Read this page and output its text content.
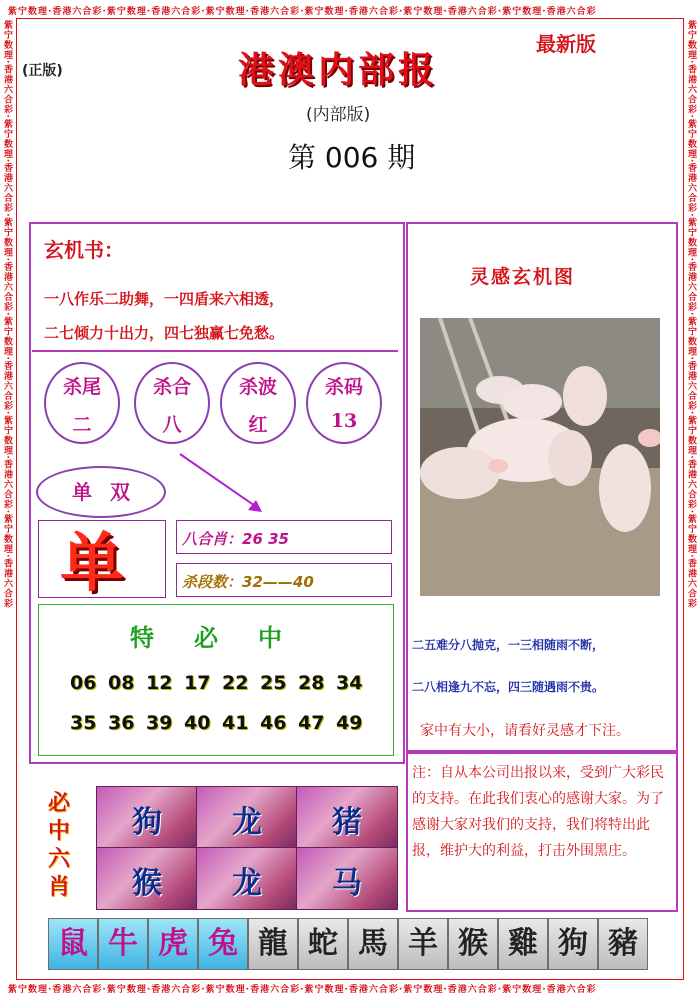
紫宁数理·香港六合彩·紫宁数理·香港六合彩·紫宁数理·香港六合彩·紫宁数理·香港六合彩·紫宁数理·香港六合彩·紫宁数理·香港六合彩
紫宁数理·香港六合彩·紫宁数理·香港六合彩·紫宁数理·香港六合彩·紫宁数理·香港六合彩·紫宁数理·香港六合彩·紫宁数理·香港六合彩
紫宁数理·香港六合彩·紫宁数理·香港六合彩·紫宁数理·香港六合彩·紫宁数理·香港六合彩·紫宁数理·香港六合彩·紫宁数理·香港六合彩	紫宁数理·香港六合彩·紫宁数理·香港六合彩·紫宁数理·香港六合彩·紫宁数理·香港六合彩·紫宁数理·香港六合彩·紫宁数理·香港六合彩
(正版)
最新版
港澳内部报
(内部版)
第 006 期
玄机书：
一八作乐二助舞，一四盾来六相透，
二七倾力十出力，四七独赢七免愁。
杀尾
二
杀合
八
杀波
红
杀码
13
单双
单	八合肖：26 35
杀段数：32——40
特必中
06 08 12 17 22 25 28 34
35 36 39 40 41 46 47 49
必中六肖
狗	龙	猪
猴	龙	马
灵感玄机图
二五难分八抛克，一三相随雨不断，
二八相逢九不忘，四三随遇雨不贵。
家中有大小，请看好灵感才下注。
注：自从本公司出报以来，受到广大彩民的支持。在此我们衷心的感谢大家。为了感谢大家对我们的支持，我们将特出此报，维护大的利益，打击外围黑庄。
鼠 牛 虎 兔 龍 蛇 馬 羊 猴 雞 狗 豬
